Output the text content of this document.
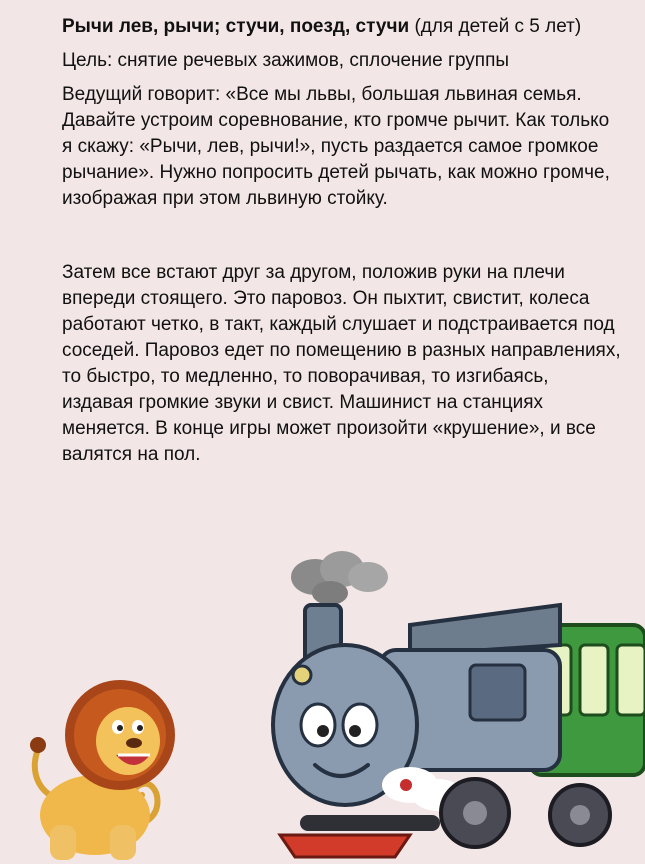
Рычи лев, рычи; стучи, поезд, стучи (для детей с 5 лет)

Цель: снятие речевых зажимов, сплочение группы

Ведущий говорит: «Все мы львы, большая львиная семья. Давайте устроим соревнование, кто громче рычит. Как только я скажу: «Рычи, лев, рычи!», пусть раздается самое громкое рычание». Нужно попросить детей рычать, как можно громче, изображая при этом львиную стойку.

Затем все встают друг за другом, положив руки на плечи впереди стоящего. Это паровоз. Он пыхтит, свистит, колеса работают четко, в такт, каждый слушает и подстраивается под соседей. Паровоз едет по помещению в разных направлениях, то быстро, то медленно, то поворачивая, то изгибаясь, издавая громкие звуки и свист. Машинист на станциях меняется. В конце игры может произойти «крушение», и все валятся на пол.
